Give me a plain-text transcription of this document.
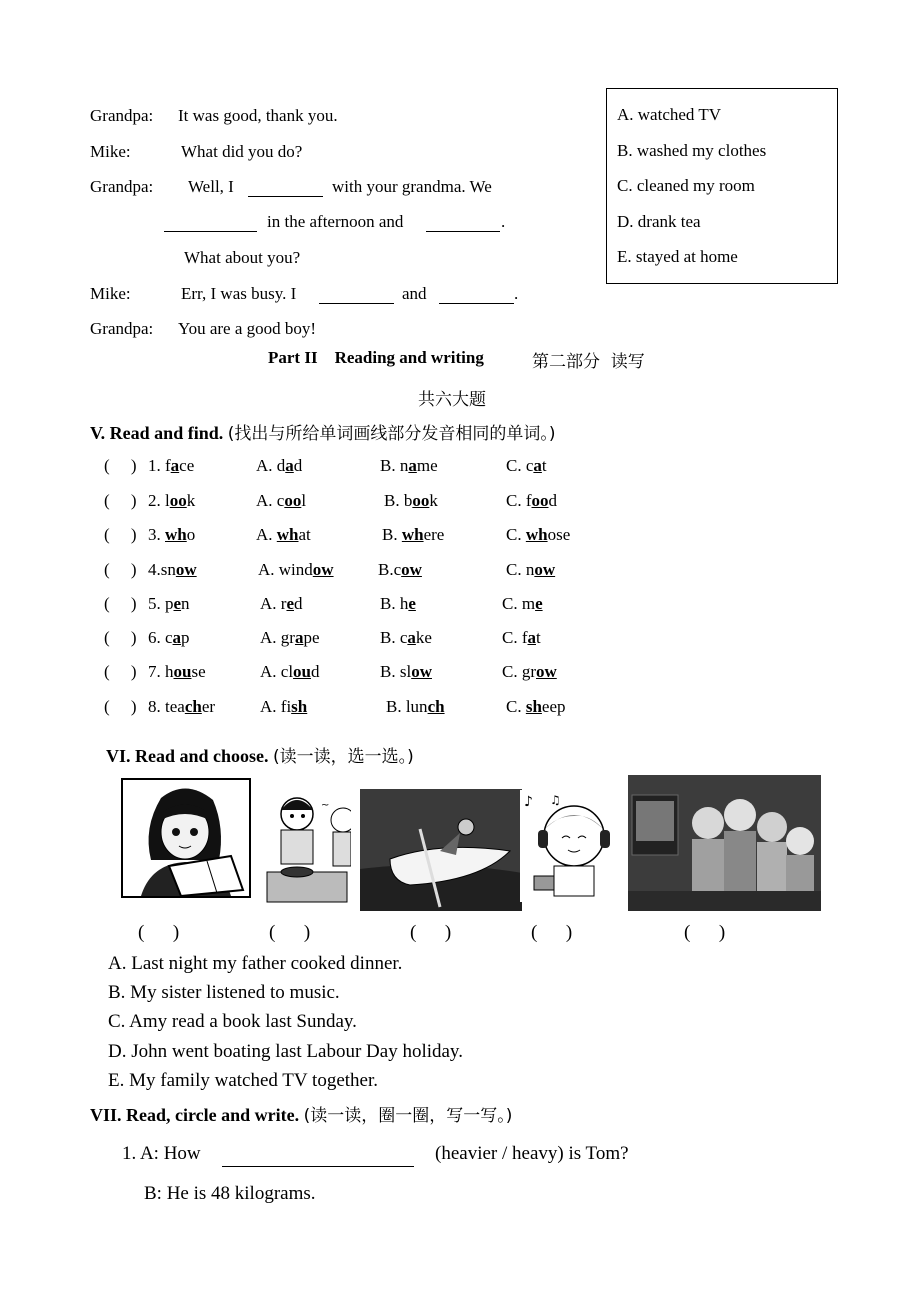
Grandpa: It was good, thank you.
Mike:	What did you do?
Grandpa: Well, I	with your grandma. We
in the afternoon and	.
What about you?
Mike:	Err, I was busy. I	and	.
Grandpa: You are a good boy!
A. watched TV
B. washed my clothes
C. cleaned my room
D. drank tea
E. stayed at home
Part II    Reading and writing	第二部分  读写
共六大题
V. Read and find. (找出与所给单词画线部分发音相同的单词。)
(     ) 1. face	A. dad	B. name	C. cat
(     ) 2. look	A. cool	B. book	C. food
(     ) 3. who	A. what	B. where	C. whose
(     ) 4.snow	A. window	B.cow	C. now
(     ) 5. pen	A. red	B. he	C. me
(     ) 6. cap	A. grape	B. cake	C. fat
(     ) 7. house	A. cloud	B. slow	C. grow
(     ) 8. teacher	A. fish	B. lunch	C. sheep
VI. Read and choose. (读一读，选一选。)
~	♪ ♫
(      )	(      )	(      )	(      )	(      )
A. Last night my father cooked dinner.
B. My sister listened to music.
C. Amy read a book last Sunday.
D. John went boating last Labour Day holiday.
E. My family watched TV together.
VII. Read, circle and write. (读一读，圈一圈，写一写。)
1. A: How	(heavier / heavy) is Tom?
B: He is 48 kilograms.
